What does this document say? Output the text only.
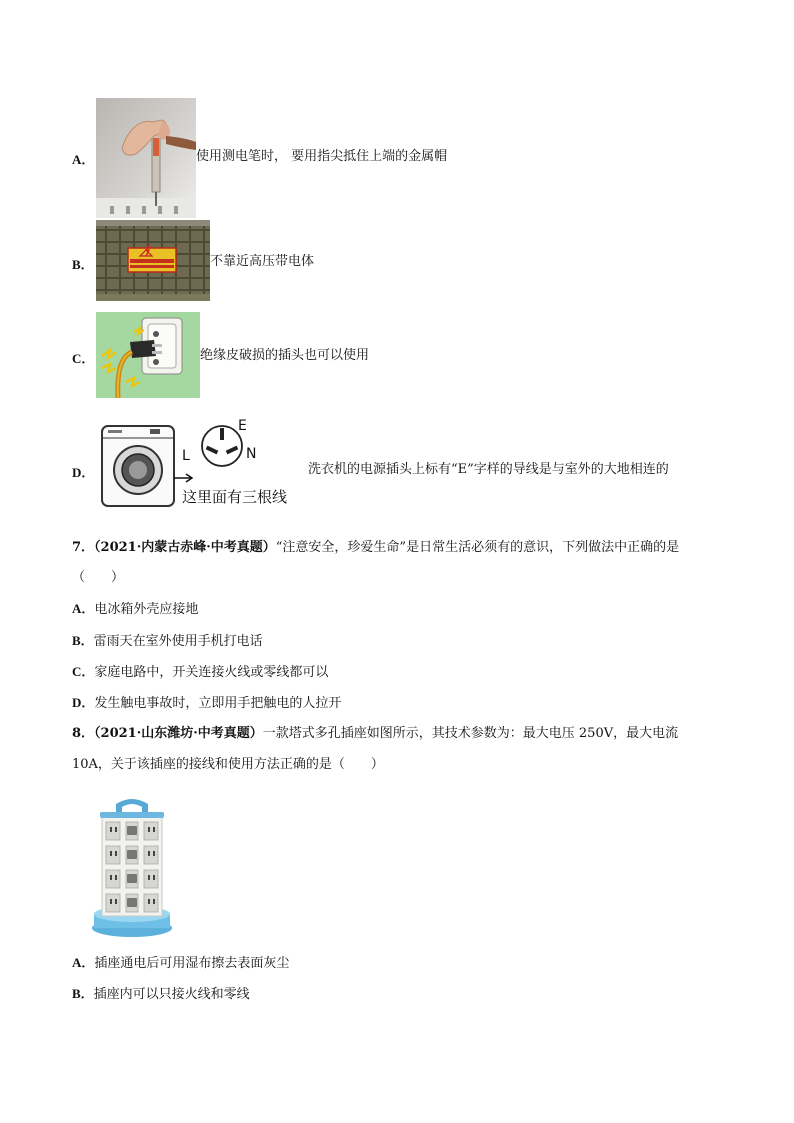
A．	使用测电笔时， 要用指尖抵住上端的金属帽
B．	不靠近高压带电体
C．	绝缘皮破损的插头也可以使用
D．
E
L	N
这里面有三根线
洗衣机的电源插头上标有“E”字样的导线是与室外的大地相连的
7．（2021·内蒙古赤峰·中考真题）“注意安全，珍爱生命”是日常生活必须有的意识，下列做法中正确的是
（　　）
A．电冰箱外壳应接地
B．雷雨天在室外使用手机打电话
C．家庭电路中，开关连接火线或零线都可以
D．发生触电事故时，立即用手把触电的人拉开
8．（2021·山东潍坊·中考真题）一款塔式多孔插座如图所示，其技术参数为：最大电压 250V，最大电流
10A，关于该插座的接线和使用方法正确的是（　　）
A．插座通电后可用湿布擦去表面灰尘
B．插座内可以只接火线和零线
